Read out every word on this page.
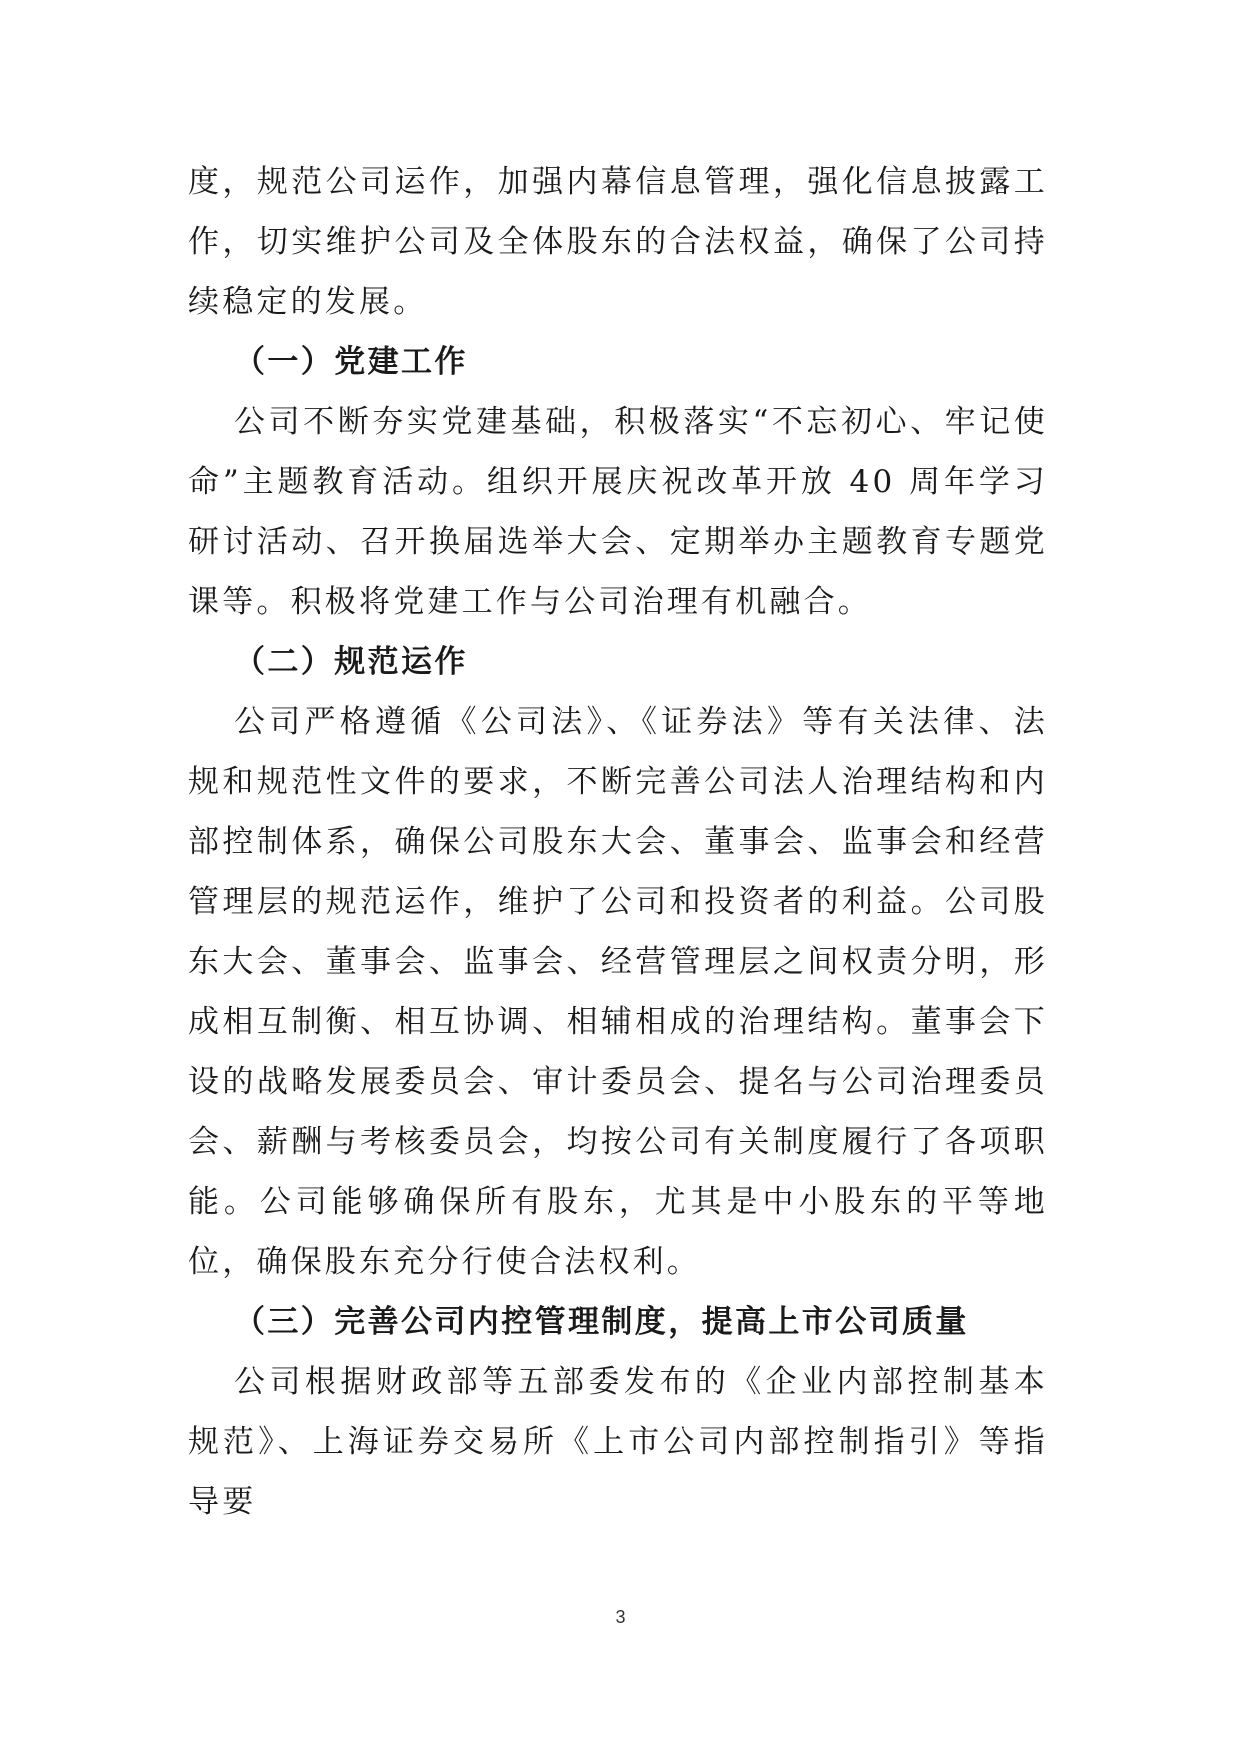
度，规范公司运作，加强内幕信息管理，强化信息披露工作，切实维护公司及全体股东的合法权益，确保了公司持续稳定的发展。

（一）党建工作

公司不断夯实党建基础，积极落实“不忘初心、牢记使命”主题教育活动。组织开展庆祝改革开放 40 周年学习研讨活动、召开换届选举大会、定期举办主题教育专题党课等。积极将党建工作与公司治理有机融合。

（二）规范运作

公司严格遵循《公司法》、《证券法》等有关法律、法规和规范性文件的要求，不断完善公司法人治理结构和内部控制体系，确保公司股东大会、董事会、监事会和经营管理层的规范运作，维护了公司和投资者的利益。公司股东大会、董事会、监事会、经营管理层之间权责分明，形成相互制衡、相互协调、相辅相成的治理结构。董事会下设的战略发展委员会、审计委员会、提名与公司治理委员会、薪酬与考核委员会，均按公司有关制度履行了各项职能。公司能够确保所有股东，尤其是中小股东的平等地位，确保股东充分行使合法权利。

（三）完善公司内控管理制度，提高上市公司质量

公司根据财政部等五部委发布的《企业内部控制基本规范》、上海证券交易所《上市公司内部控制指引》等指导要

3
